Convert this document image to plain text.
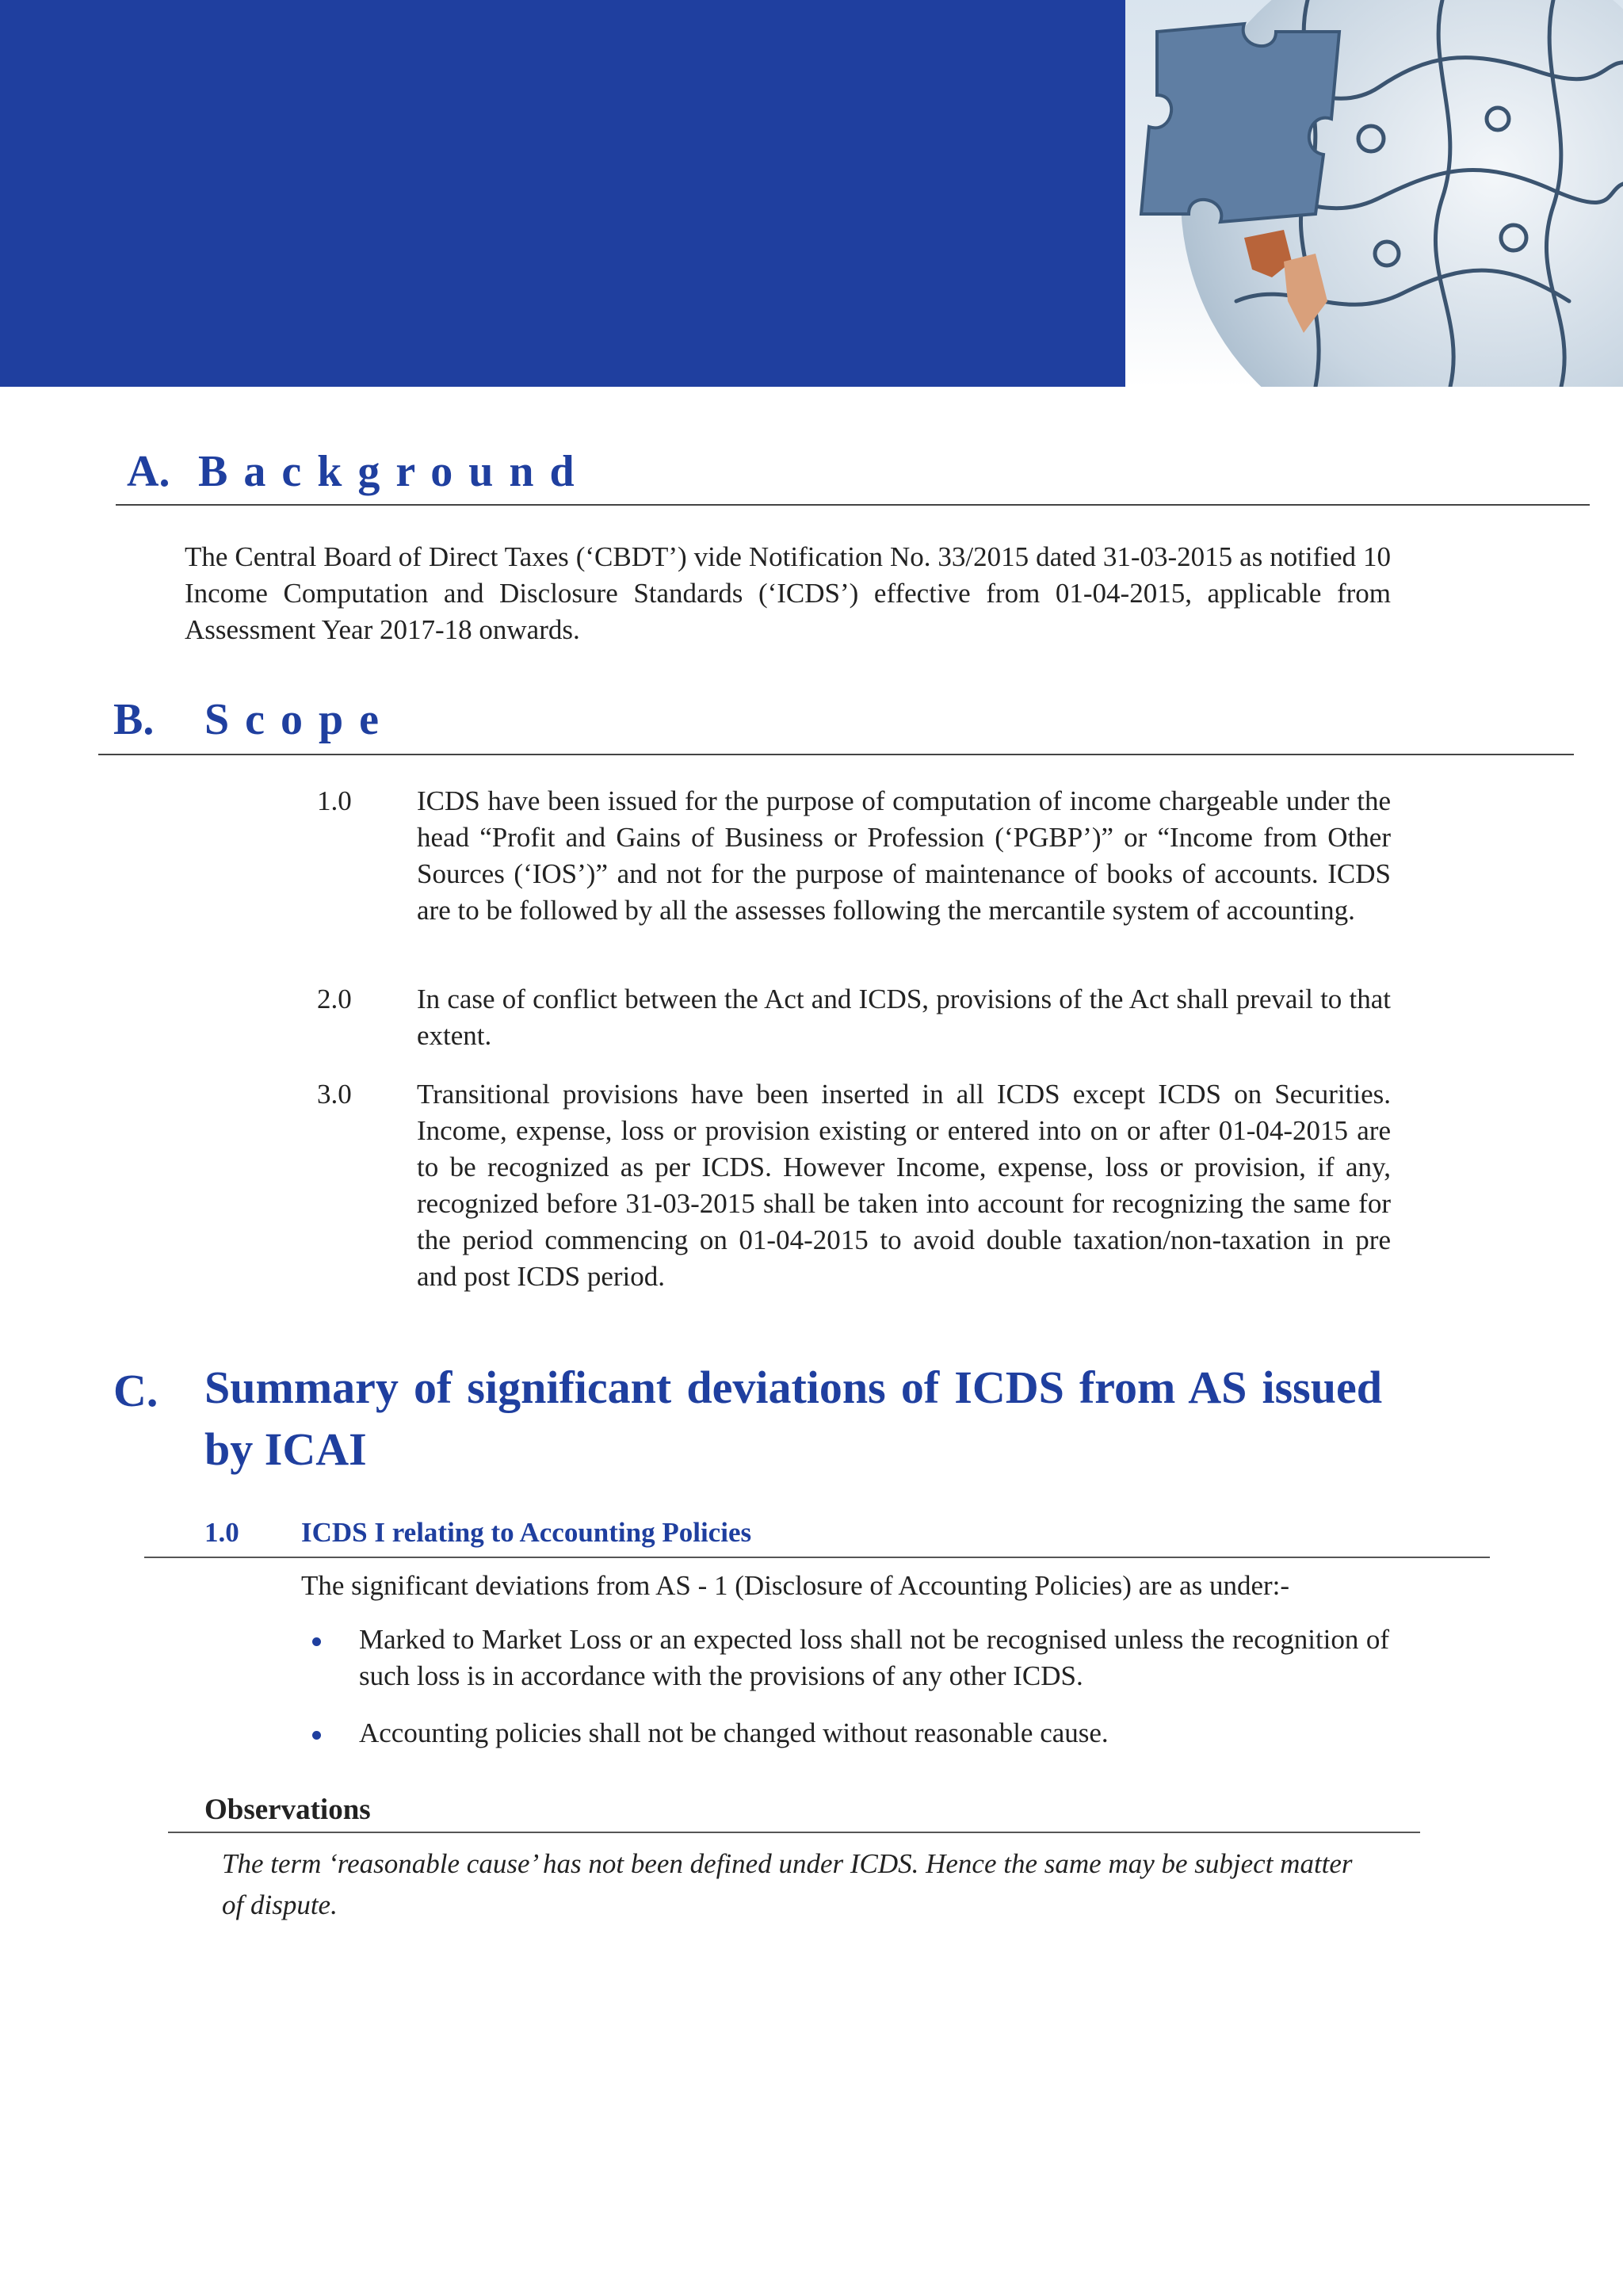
A. Background

The Central Board of Direct Taxes (‘CBDT’) vide Notification No. 33/2015 dated 31-03-2015 as notified 10 Income Computation and Disclosure Standards (‘ICDS’) effective from 01-04-2015, applicable from Assessment Year 2017-18 onwards.

B. Scope
1.0 ICDS have been issued for the purpose of computation of income chargeable under the head “Profit and Gains of Business or Profession (‘PGBP’)” or “Income from Other Sources (‘IOS’)” and not for the purpose of maintenance of books of accounts. ICDS are to be followed by all the assesses following the mercantile system of accounting.

2.0 In case of conflict between the Act and ICDS, provisions of the Act shall prevail to that extent.

3.0 Transitional provisions have been inserted in all ICDS except ICDS on Securities. Income, expense, loss or provision existing or entered into on or after 01-04-2015 are to be recognized as per ICDS. However Income, expense, loss or provision, if any, recognized before 31-03-2015 shall be taken into account for recognizing the same for the period commencing on 01-04-2015 to avoid double taxation/non-taxation in pre and post ICDS period.

C. Summary of significant deviations of ICDS from AS issued by ICAI

1.0 ICDS I relating to Accounting Policies
The significant deviations from AS - 1 (Disclosure of Accounting Policies) are as under:-

Marked to Market Loss or an expected loss shall not be recognised unless the recognition of such loss is in accordance with the provisions of any other ICDS.

Accounting policies shall not be changed without reasonable cause.

Observations

The term ‘reasonable cause’ has not been defined under ICDS. Hence the same may be subject matter of dispute.
